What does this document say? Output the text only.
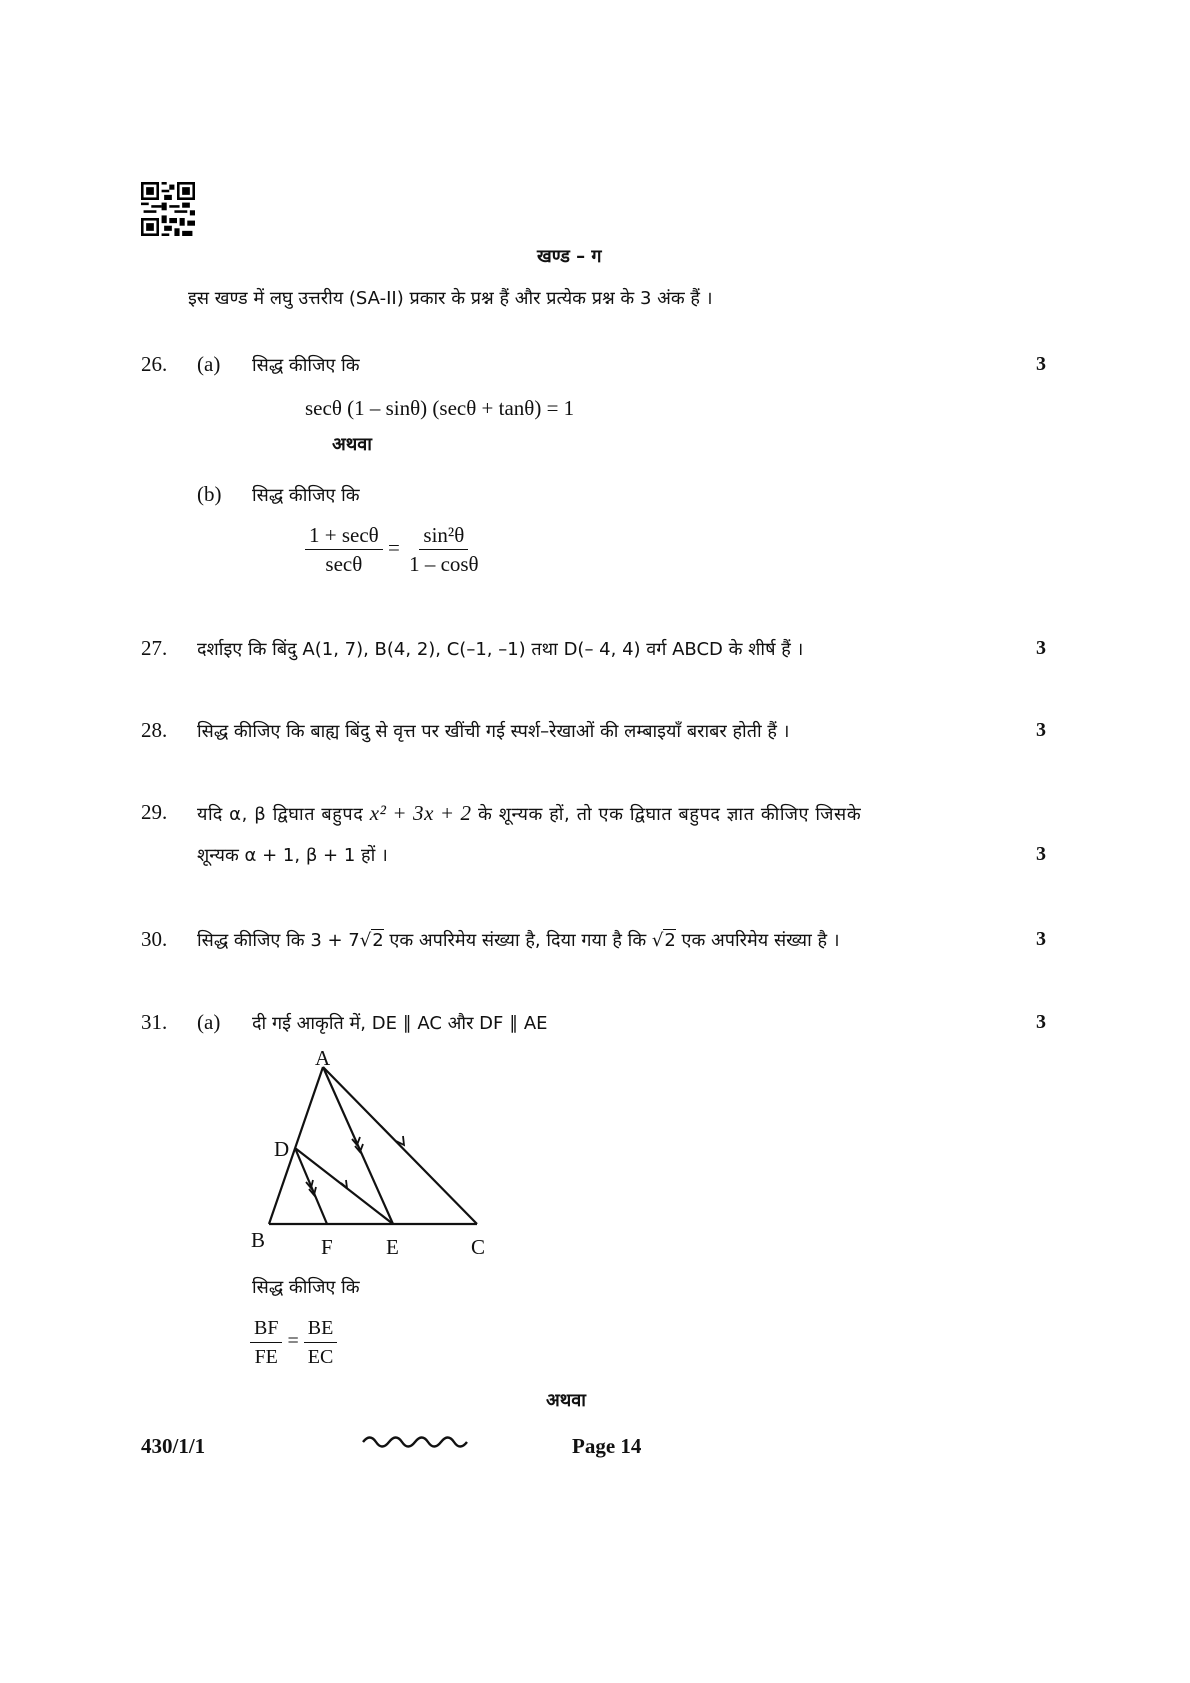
खण्ड – ग
इस खण्ड में लघु उत्तरीय (SA-II) प्रकार के प्रश्न हैं और प्रत्येक प्रश्न के 3 अंक हैं ।
26. (a) सिद्ध कीजिए कि	3
secθ (1 – sinθ) (secθ + tanθ) = 1
अथवा
(b) सिद्ध कीजिए कि
$\frac{1 + \sec\theta}{\sec\theta} = \frac{\text{sin²θ}}{1 - \cos\theta}$
27. दर्शाइए कि बिंदु A(1, 7), B(4, 2), C(–1, –1) तथा D(– 4, 4) वर्ग ABCD के शीर्ष हैं ।	3
28. सिद्ध कीजिए कि बाह्य बिंदु से वृत्त पर खींची गई स्पर्श–रेखाओं की लम्बाइयाँ बराबर होती हैं ।	3
29. यदि α, β द्विघात बहुपद x² + 3x + 2 के शून्यक हों, तो एक द्विघात बहुपद ज्ञात कीजिए जिसके
शून्यक α + 1, β + 1 हों ।	3
30. सिद्ध कीजिए कि 3 + 7√2 एक अपरिमेय संख्या है, दिया गया है कि √2 एक अपरिमेय संख्या है ।	3
31. (a) दी गई आकृति में, DE ∥ AC और DF ∥ AE	3
A
D
B	F	E	C
सिद्ध कीजिए कि
$\frac{BF}{FE} = \frac{BE}{EC}$
अथवा
430/1/1	Page 14
